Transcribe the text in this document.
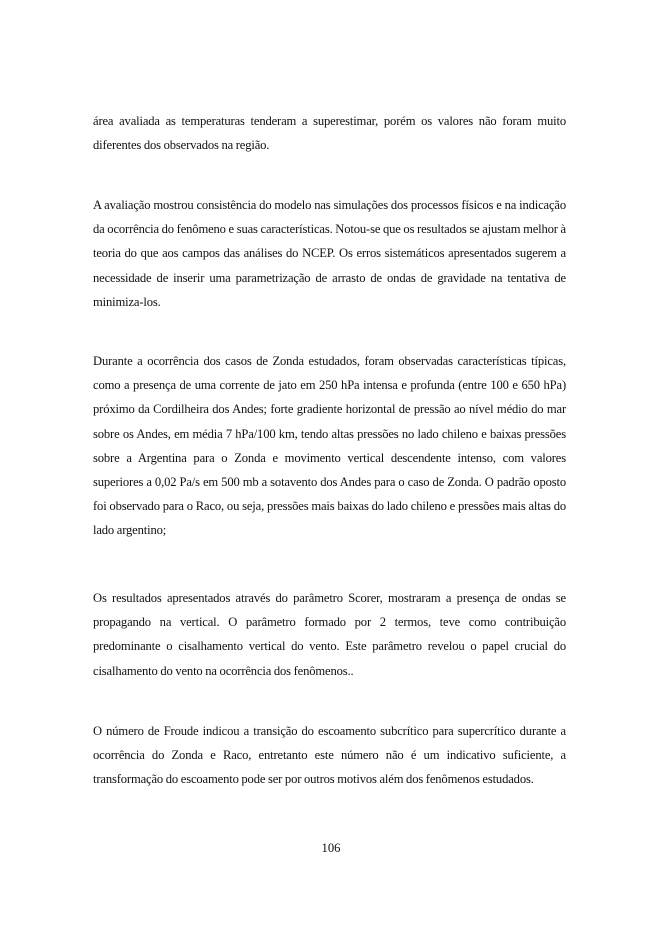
área avaliada as temperaturas tenderam a superestimar, porém os valores não foram muito diferentes dos observados na região.

A avaliação mostrou consistência do modelo nas simulações dos processos físicos e na indicação da ocorrência do fenômeno e suas características. Notou-se que os resultados se ajustam melhor à teoria do que aos campos das análises do NCEP. Os erros sistemáticos apresentados sugerem a necessidade de inserir uma parametrização de arrasto de ondas de gravidade na tentativa de minimiza-los.

Durante a ocorrência dos casos de Zonda estudados, foram observadas características típicas, como a presença de uma corrente de jato em 250 hPa intensa e profunda (entre 100 e 650 hPa) próximo da Cordilheira dos Andes; forte gradiente horizontal de pressão ao nível médio do mar sobre os Andes, em média 7 hPa/100 km, tendo altas pressões no lado chileno e baixas pressões sobre a Argentina para o Zonda e movimento vertical descendente intenso, com valores superiores a 0,02 Pa/s em 500 mb a sotavento dos Andes para o caso de Zonda. O padrão oposto foi observado para o Raco, ou seja, pressões mais baixas do lado chileno e pressões mais altas do lado argentino;

Os resultados apresentados através do parâmetro Scorer, mostraram a presença de ondas se propagando na vertical. O parâmetro formado por 2 termos, teve como contribuição predominante o cisalhamento vertical do vento. Este parâmetro revelou o papel crucial do cisalhamento do vento na ocorrência dos fenômenos..

O número de Froude indicou a transição do escoamento subcrítico para supercrítico durante a ocorrência do Zonda e Raco, entretanto este número não é um indicativo suficiente, a transformação do escoamento pode ser por outros motivos além dos fenômenos estudados.

106
